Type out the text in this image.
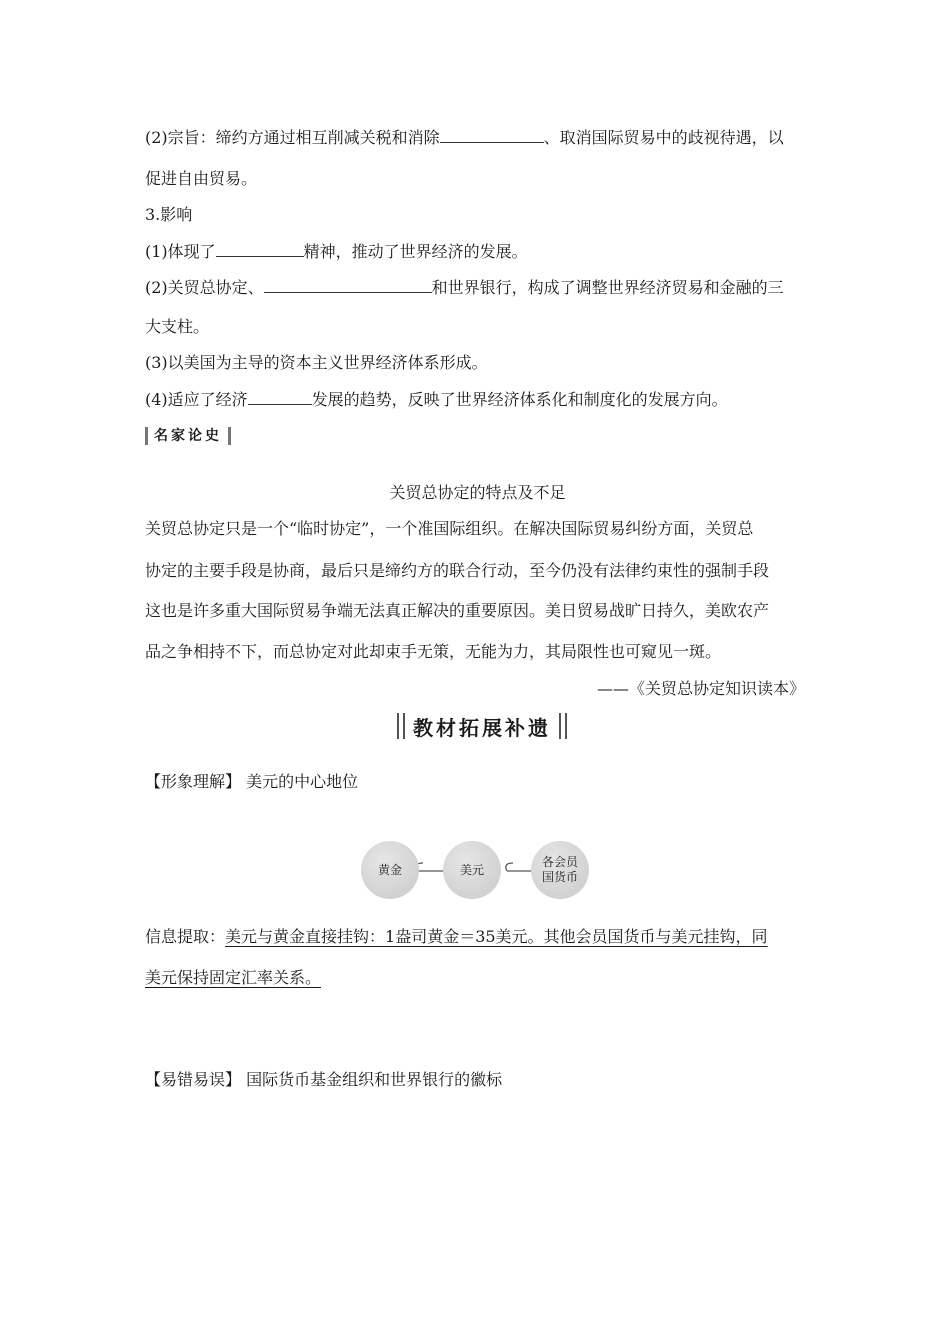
(2)宗旨：缔约方通过相互削减关税和消除	、取消国际贸易中的歧视待遇，以
促进自由贸易。
3.影响
(1)体现了	精神，推动了世界经济的发展。
(2)关贸总协定、	和世界银行，构成了调整世界经济贸易和金融的三
大支柱。
(3)以美国为主导的资本主义世界经济体系形成。
(4)适应了经济	发展的趋势，反映了世界经济体系化和制度化的发展方向。
名家论史
关贸总协定的特点及不足
关贸总协定只是一个“临时协定”，一个准国际组织。在解决国际贸易纠纷方面，关贸总
协定的主要手段是协商，最后只是缔约方的联合行动，至今仍没有法律约束性的强制手段
这也是许多重大国际贸易争端无法真正解决的重要原因。美日贸易战旷日持久，美欧农产
品之争相持不下，而总协定对此却束手无策，无能为力，其局限性也可窥见一斑。
——《关贸总协定知识读本》
教材拓展补遗
【形象理解】 美元的中心地位
黄金	美元
各会员国货币
信息提取：美元与黄金直接挂钩：1盎司黄金＝35美元。其他会员国货币与美元挂钩，同
美元保持固定汇率关系。
【易错易误】 国际货币基金组织和世界银行的徽标
